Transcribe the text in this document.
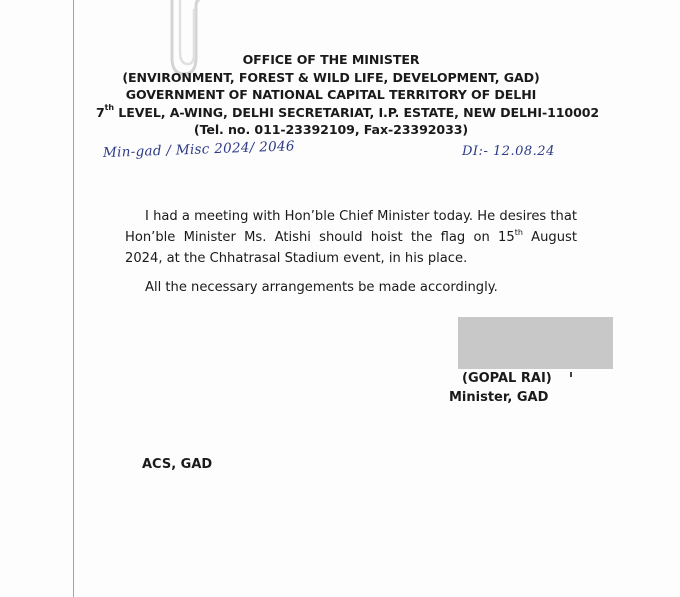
OFFICE OF THE MINISTER
(ENVIRONMENT, FOREST & WILD LIFE, DEVELOPMENT, GAD)
GOVERNMENT OF NATIONAL CAPITAL TERRITORY OF DELHI
7th LEVEL, A-WING, DELHI SECRETARIAT, I.P. ESTATE, NEW DELHI-110002
(Tel. no. 011-23392109, Fax-23392033)
Min-gad / Misc 2024/ 2046	DI:- 12.08.24
I had a meeting with Hon’ble Chief Minister today. He desires that Hon’ble Minister Ms. Atishi should hoist the flag on 15th August 2024, at the Chhatrasal Stadium event, in his place.
All the necessary arrangements be made accordingly.
(GOPAL RAI)
Minister, GAD
ACS, GAD
